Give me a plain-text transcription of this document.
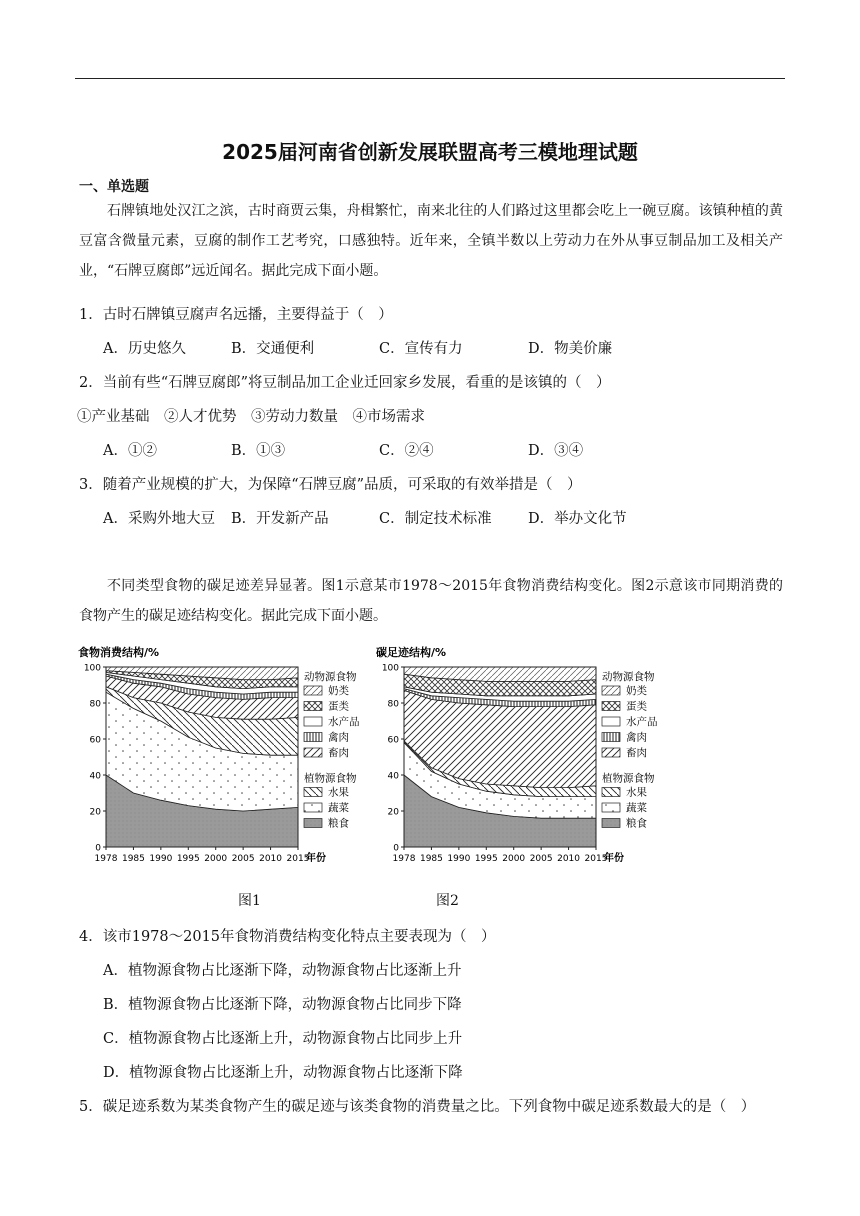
2025届河南省创新发展联盟高考三模地理试题
一、单选题
石牌镇地处汉江之滨，古时商贾云集，舟楫繁忙，南来北往的人们路过这里都会吃上一碗豆腐。该镇种植的黄豆富含微量元素，豆腐的制作工艺考究，口感独特。近年来，全镇半数以上劳动力在外从事豆制品加工及相关产业，“石牌豆腐郎”远近闻名。据此完成下面小题。
1．古时石牌镇豆腐声名远播，主要得益于（　）
A．历史悠久	B．交通便利	C．宣传有力	D．物美价廉
2．当前有些“石牌豆腐郎”将豆制品加工企业迁回家乡发展，看重的是该镇的（　）
①产业基础　②人才优势　③劳动力数量　④市场需求
A．①②	B．①③	C．②④	D．③④
3．随着产业规模的扩大，为保障“石牌豆腐”品质，可采取的有效举措是（　）
A．采购外地大豆 B．开发新产品	C．制定技术标准	D．举办文化节
不同类型食物的碳足迹差异显著。图1示意某市1978～2015年食物消费结构变化。图2示意该市同期消费的食物产生的碳足迹结构变化。据此完成下面小题。
食物消费结构/%
0
20
40
60
80
100
1978 1985 1990 1995 2000 2005 2010 2015
年份
动物源食物
奶类
蛋类
水产品
禽肉
畜肉
植物源食物
水果
蔬菜
粮食
碳足迹结构/%
0
20
40
60
80
100
1978 1985 1990 1995 2000 2005 2010 2015
年份
动物源食物
奶类
蛋类
水产品
禽肉
畜肉
植物源食物
水果
蔬菜
粮食
图1	图2
4．该市1978～2015年食物消费结构变化特点主要表现为（　）
A．植物源食物占比逐渐下降，动物源食物占比逐渐上升
B．植物源食物占比逐渐下降，动物源食物占比同步下降
C．植物源食物占比逐渐上升，动物源食物占比同步上升
D．植物源食物占比逐渐上升，动物源食物占比逐渐下降
5．碳足迹系数为某类食物产生的碳足迹与该类食物的消费量之比。下列食物中碳足迹系数最大的是（　）
